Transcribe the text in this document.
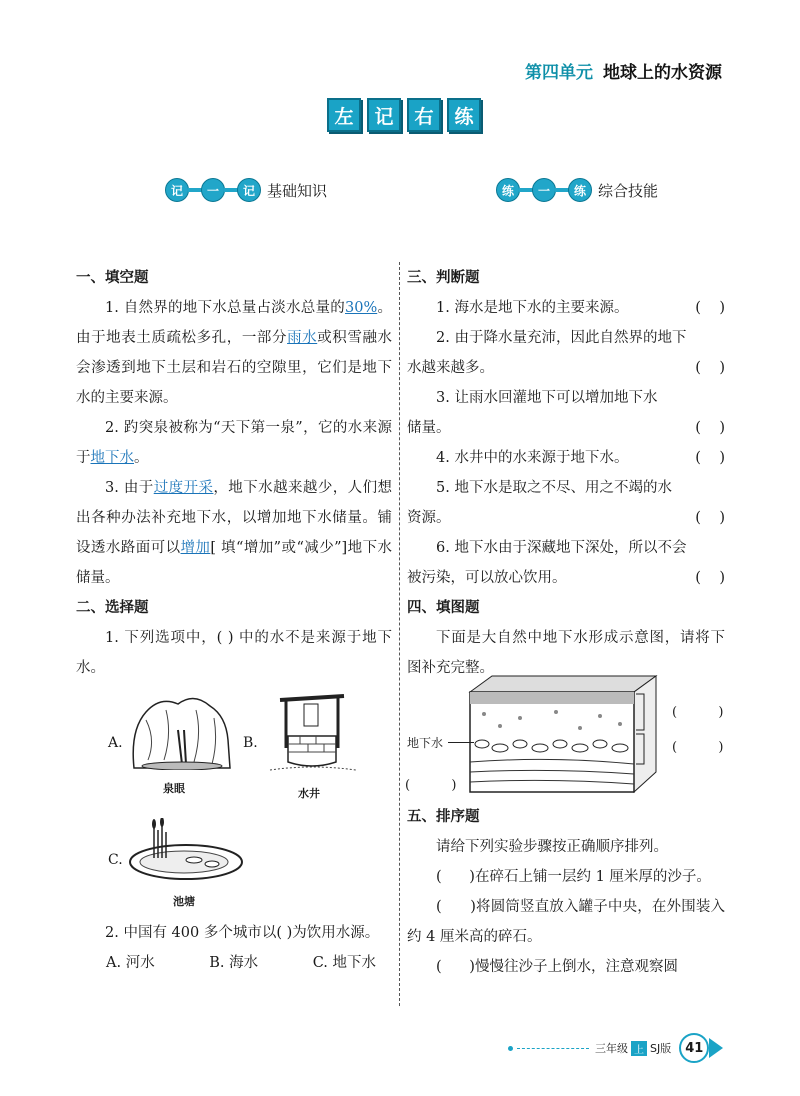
第四单元 地球上的水资源
左	记	右	练
记	一	记 基础知识	练	一	练 综合技能
一、填空题

1. 自然界的地下水总量占淡水总量的30%。由于地表土质疏松多孔，一部分雨水或积雪融水会渗透到地下土层和岩石的空隙里，它们是地下水的主要来源。

2. 趵突泉被称为“天下第一泉”，它的水来源于地下水。

3. 由于过度开采，地下水越来越少，人们想出各种办法补充地下水，以增加地下水储量。铺设透水路面可以增加[ 填“增加”或“减少”]地下水储量。

二、选择题

1. 下列选项中，( ) 中的水不是来源于地下水。

A.
泉眼
B.
水井
C.
池塘

2. 中国有 400 多个城市以( )为饮用水源。

A. 河水	B. 海水	C. 地下水

三、判断题

1. 海水是地下水的主要来源。	(    )

2. 由于降水量充沛，因此自然界的地下

水越来越多。	(    )

3. 让雨水回灌地下可以增加地下水

储量。	(    )

4. 水井中的水来源于地下水。	(    )

5. 地下水是取之不尽、用之不竭的水

资源。	(    )

6. 地下水由于深藏地下深处，所以不会

被污染，可以放心饮用。	(    )

四、填图题

下面是大自然中地下水形成示意图，请将下图补充完整。

(          )
(          )
地下水
(          )
五、排序题

请给下列实验步骤按正确顺序排列。

(      )在碎石上铺一层约 1 厘米厚的沙子。

(      )将圆筒竖直放入罐子中央，在外围装入约 4 厘米高的碎石。

(      )慢慢往沙子上倒水，注意观察圆

三年级 上 SJ版	41
